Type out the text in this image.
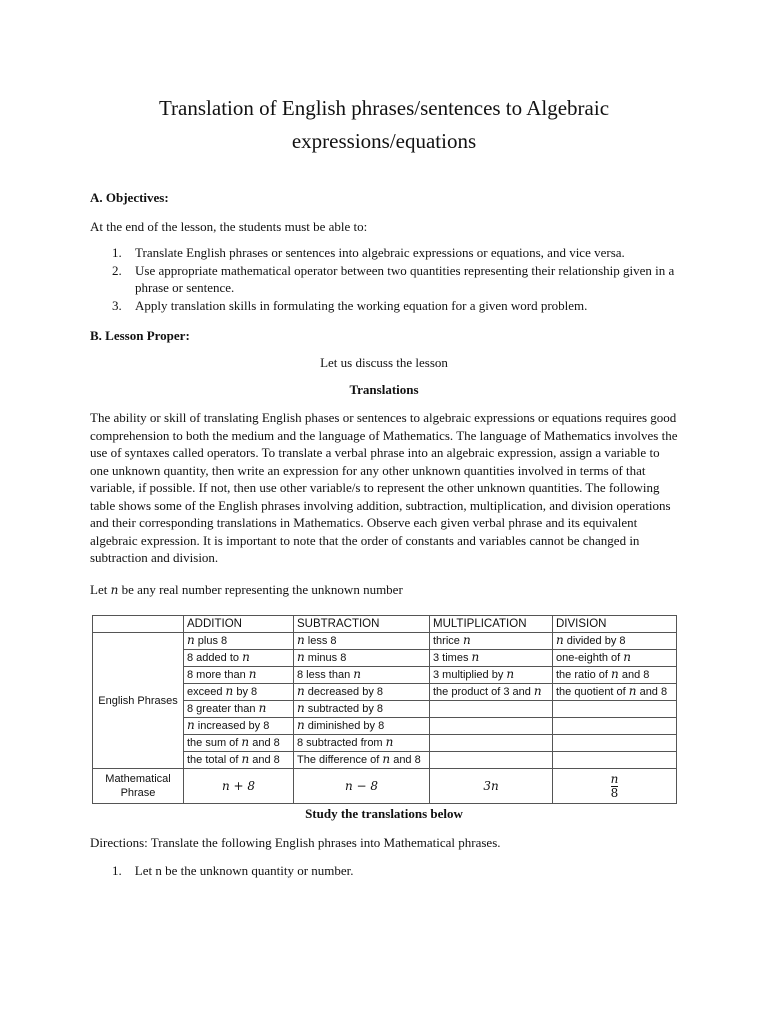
Translation of English phrases/sentences to Algebraic
expressions/equations
A. Objectives:
At the end of the lesson, the students must be able to:
1. Translate English phrases or sentences into algebraic expressions or equations, and vice versa.
2. Use appropriate mathematical operator between two quantities representing their relationship given in a phrase or sentence.
3. Apply translation skills in formulating the working equation for a given word problem.
B. Lesson Proper:
Let us discuss the lesson
Translations
The ability or skill of translating English phases or sentences to algebraic expressions or equations requires good comprehension to both the medium and the language of Mathematics. The language of Mathematics involves the use of syntaxes called operators. To translate a verbal phrase into an algebraic expression, assign a variable to one unknown quantity, then write an expression for any other unknown quantities involved in terms of that variable, if possible. If not, then use other variable/s to represent the other unknown quantities. The following table shows some of the English phrases involving addition, subtraction, multiplication, and division operations and their corresponding translations in Mathematics. Observe each given verbal phrase and its equivalent algebraic expression. It is important to note that the order of constants and variables cannot be changed in subtraction and division.
Let n be any real number representing the unknown number
	ADDITION	SUBTRACTION	MULTIPLICATION	DIVISION
English Phrases	n plus 8	n less 8	thrice n	n divided by 8
	8 added to n	n minus 8	3 times n	one-eighth of n
	8 more than n	8 less than n	3 multiplied by n	the ratio of n and 8
	exceed n by 8	n decreased by 8	the product of 3 and n	the quotient of n and 8
	8 greater than n	n subtracted by 8		
	n increased by 8	n diminished by 8		
	the sum of n and 8	8 subtracted from n		
	the total of n and 8	The difference of n and 8		
Mathematical
Phrase	n + 8	n − 8	3n	$\frac{n}{8}$
Study the translations below
Directions: Translate the following English phrases into Mathematical phrases.
1. Let n be the unknown quantity or number.
